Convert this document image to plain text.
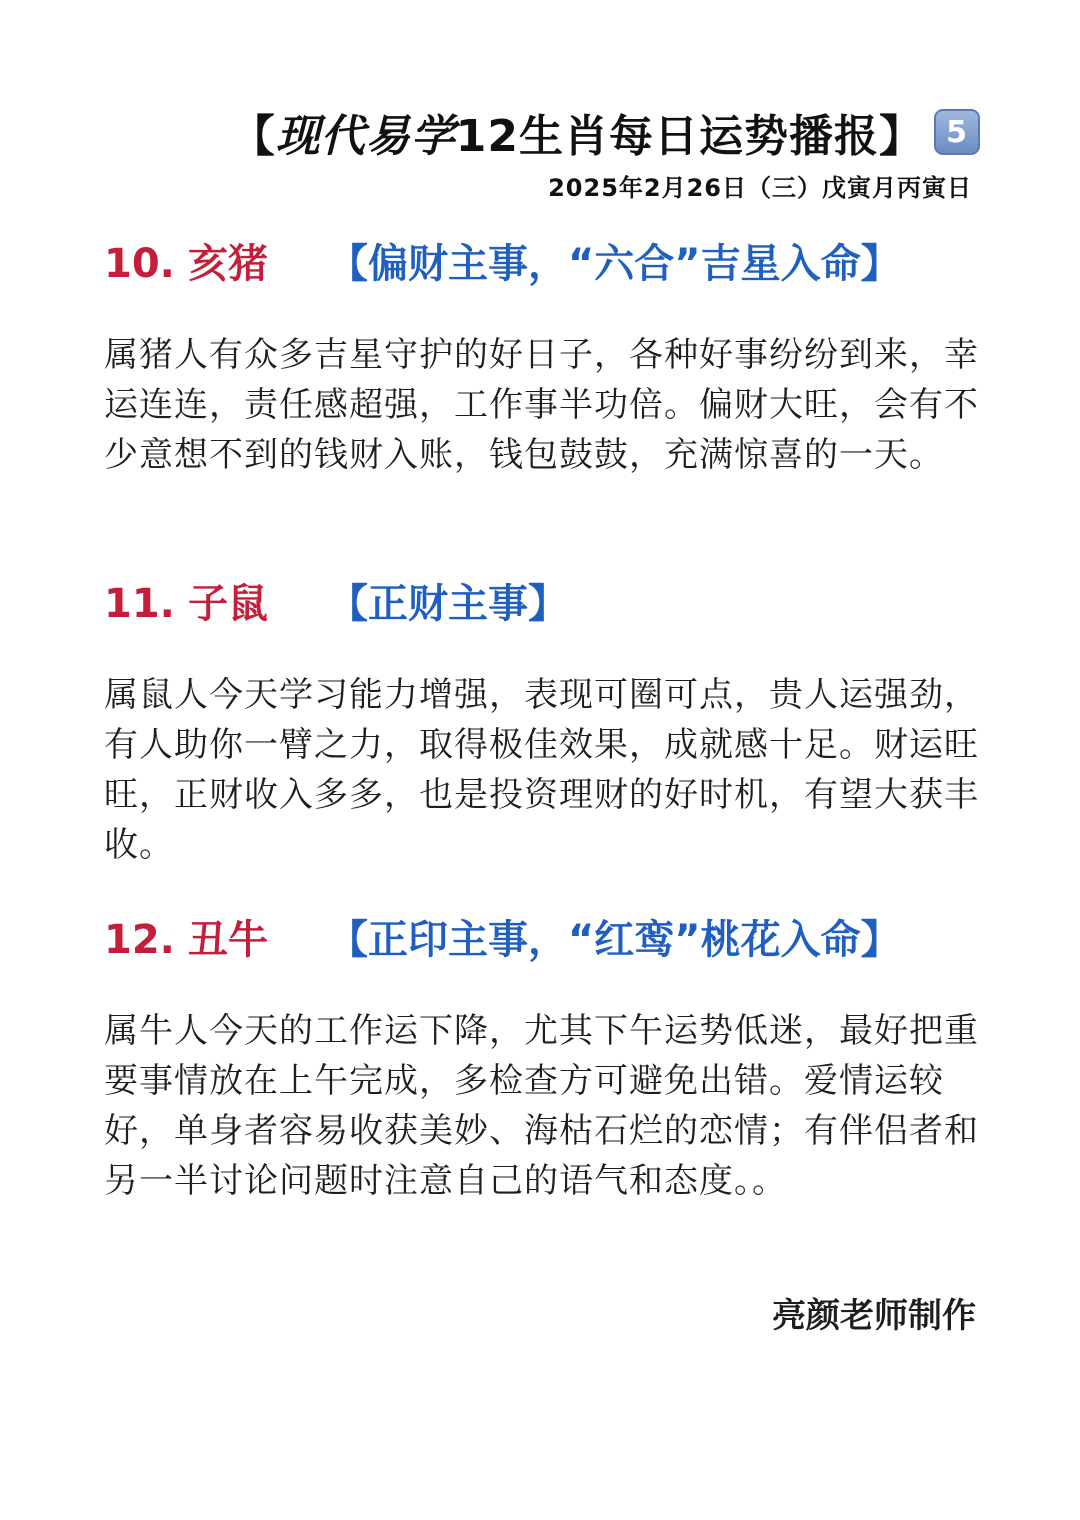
【 现代易学 12生肖每日运势播报】 5
2025年2月26日（三）戊寅月丙寅日
10. 亥猪	【偏财主事，“六合”吉星入命】
属猪人有众多吉星守护的好日子，各种好事纷纷到来，幸运连连，责任感超强，工作事半功倍。偏财大旺，会有不少意想不到的钱财入账，钱包鼓鼓，充满惊喜的一天。
11. 子鼠	【正财主事】
属鼠人今天学习能力增强，表现可圈可点，贵人运强劲，有人助你一臂之力，取得极佳效果，成就感十足。财运旺旺，正财收入多多，也是投资理财的好时机，有望大获丰收。
12. 丑牛	【正印主事，“红鸾”桃花入命】
属牛人今天的工作运下降，尤其下午运势低迷，最好把重要事情放在上午完成，多检查方可避免出错。爱情运较好，单身者容易收获美妙、海枯石烂的恋情；有伴侣者和另一半讨论问题时注意自己的语气和态度。。
亮颜老师制作
